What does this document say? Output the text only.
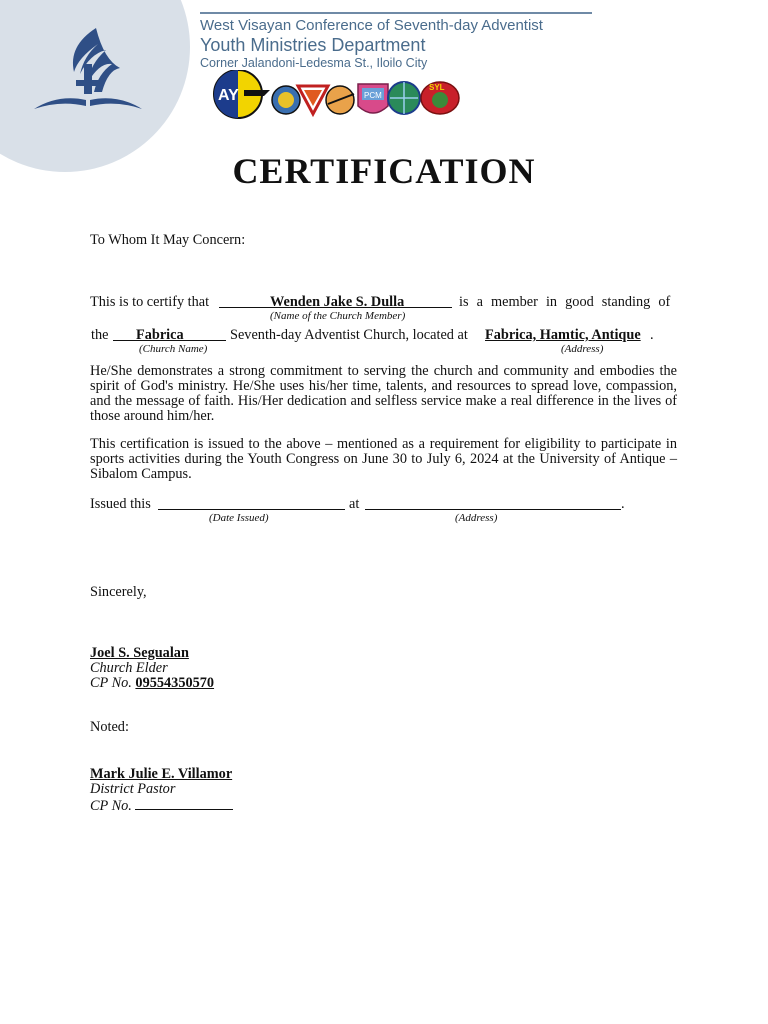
West Visayan Conference of Seventh-day Adventist
Youth Ministries Department
Corner Jalandoni-Ledesma St., Iloilo City
AY	PCM
SYL
CERTIFICATION
To Whom It May Concern:
This is to certify that	Wenden Jake S. Dulla	is a member in good standing of
(Name of the Church Member)
the Fabrica	Seventh-day Adventist Church, located at Fabrica, Hamtic, Antique .
(Church Name)	(Address)
He/She demonstrates a strong commitment to serving the church and community and embodies the spirit of God's ministry. He/She uses his/her time, talents, and resources to spread love, compassion, and the message of faith. His/Her dedication and selfless service make a real difference in the lives of those around him/her.
This certification is issued to the above – mentioned as a requirement for eligibility to participate in sports activities during the Youth Congress on June 30 to July 6, 2024 at the University of Antique – Sibalom Campus.
Issued this	at	.
(Date Issued)	(Address)
Sincerely,
Joel S. Segualan
Church Elder
CP No. 09554350570
Noted:
Mark Julie E. Villamor
District Pastor
CP No.
